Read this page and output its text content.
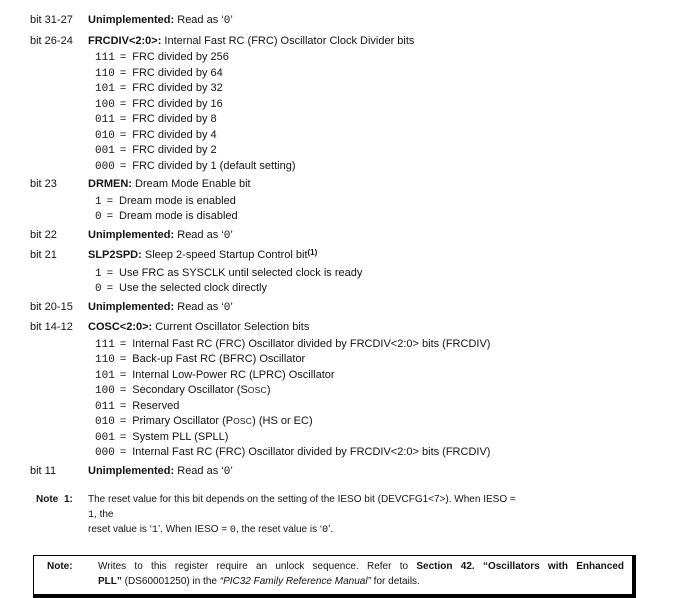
bit 31-27	Unimplemented: Read as ‘0’
bit 26-24	FRCDIV<2:0>: Internal Fast RC (FRC) Oscillator Clock Divider bits
111 = FRC divided by 256
110 = FRC divided by 64
101 = FRC divided by 32
100 = FRC divided by 16
011 = FRC divided by 8
010 = FRC divided by 4
001 = FRC divided by 2
000 = FRC divided by 1 (default setting)
bit 23	DRMEN: Dream Mode Enable bit
1 = Dream mode is enabled
0 = Dream mode is disabled
bit 22	Unimplemented: Read as ‘0’
bit 21	SLP2SPD: Sleep 2-speed Startup Control bit$^{(1)}$
1 = Use FRC as SYSCLK until selected clock is ready
0 = Use the selected clock directly
bit 20-15	Unimplemented: Read as ‘0’
bit 14-12	COSC<2:0>: Current Oscillator Selection bits
111 = Internal Fast RC (FRC) Oscillator divided by FRCDIV<2:0> bits (FRCDIV)
110 = Back-up Fast RC (BFRC) Oscillator
101 = Internal Low-Power RC (LPRC) Oscillator
100 = Secondary Oscillator (SOSC)
011 = Reserved
010 = Primary Oscillator (POSC) (HS or EC)
001 = System PLL (SPLL)
000 = Internal Fast RC (FRC) Oscillator divided by FRCDIV<2:0> bits (FRCDIV)
bit 11	Unimplemented: Read as ‘0’
Note 1:	The reset value for this bit depends on the setting of the IESO bit (DEVCFG1<7>). When IESO = 1, the
reset value is ‘1’. When IESO = 0, the reset value is ‘0’.
Note:	Writes to this register require an unlock sequence. Refer to Section 42. “Oscillators with Enhanced
PLL” (DS60001250) in the “PIC32 Family Reference Manual” for details.
